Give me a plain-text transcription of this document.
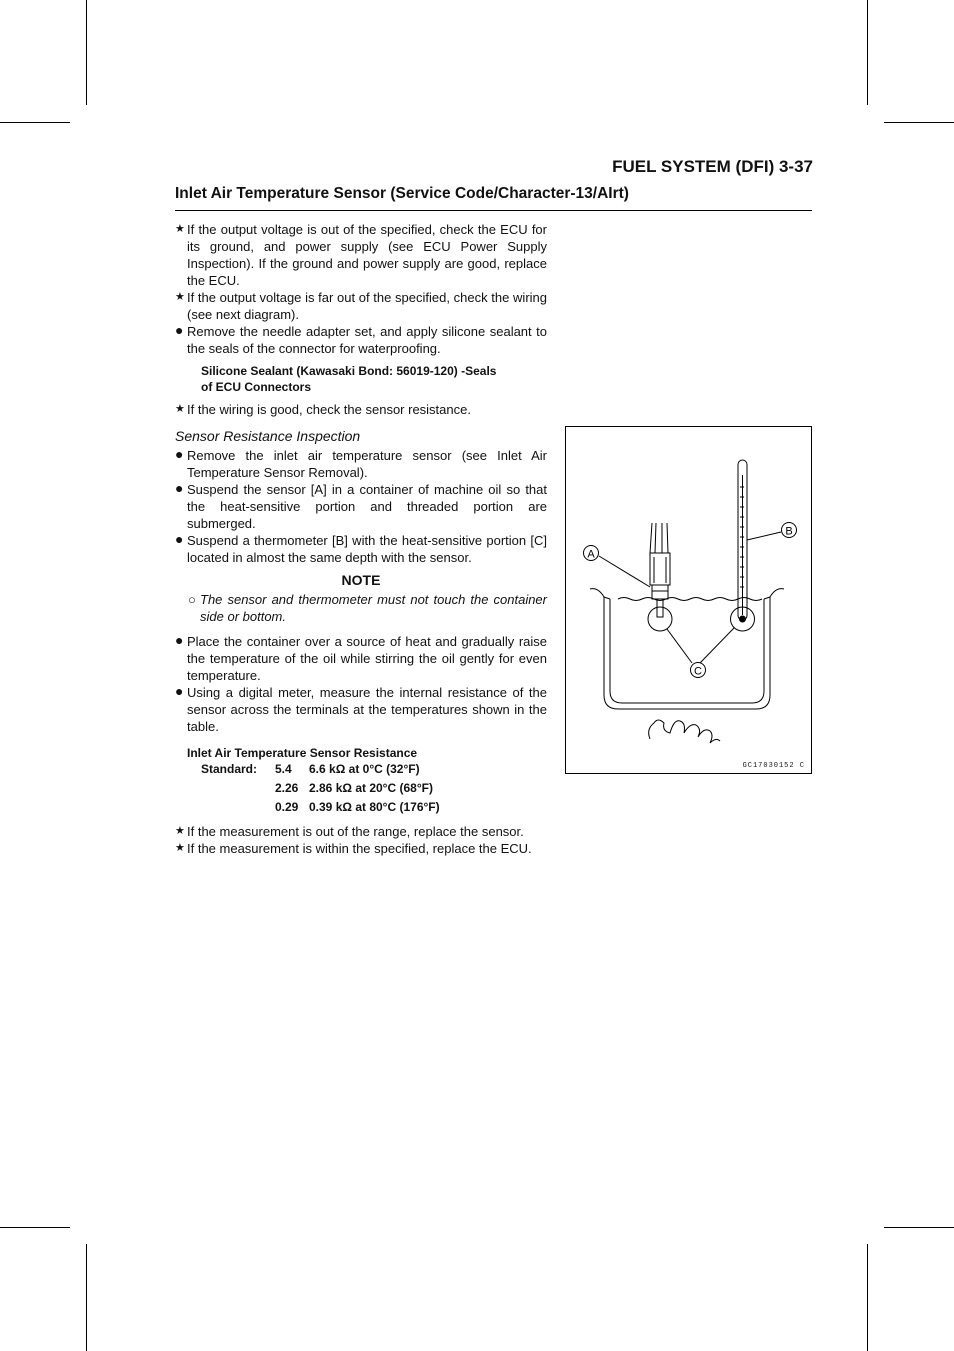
FUEL SYSTEM (DFI) 3-37
Inlet Air Temperature Sensor (Service Code/Character-13/AIrt)
★ If the output voltage is out of the specified, check the ECU for its ground, and power supply (see ECU Power Supply Inspection). If the ground and power supply are good, replace the ECU.
★ If the output voltage is far out of the specified, check the wiring (see next diagram).
● Remove the needle adapter set, and apply silicone sealant to the seals of the connector for waterproofing.
Silicone Sealant (Kawasaki Bond: 56019-120) -Seals
of ECU Connectors
★ If the wiring is good, check the sensor resistance.
Sensor Resistance Inspection
● Remove the inlet air temperature sensor (see Inlet Air Temperature Sensor Removal).
● Suspend the sensor [A] in a container of machine oil so that the heat-sensitive portion and threaded portion are submerged.
● Suspend a thermometer [B] with the heat-sensitive portion [C] located in almost the same depth with the sensor.
NOTE
○ The sensor and thermometer must not touch the container side or bottom.
● Place the container over a source of heat and gradually raise the temperature of the oil while stirring the oil gently for even temperature.
● Using a digital meter, measure the internal resistance of the sensor across the terminals at the temperatures shown in the table.
Inlet Air Temperature Sensor Resistance
Standard:	5.4	6.6 kΩ at 0°C (32°F)
2.26 2.86 kΩ at 20°C (68°F)
0.29 0.39 kΩ at 80°C (176°F)
★ If the measurement is out of the range, replace the sensor.
★ If the measurement is within the specified, replace the ECU.
A
B
C
GC17030152 C
